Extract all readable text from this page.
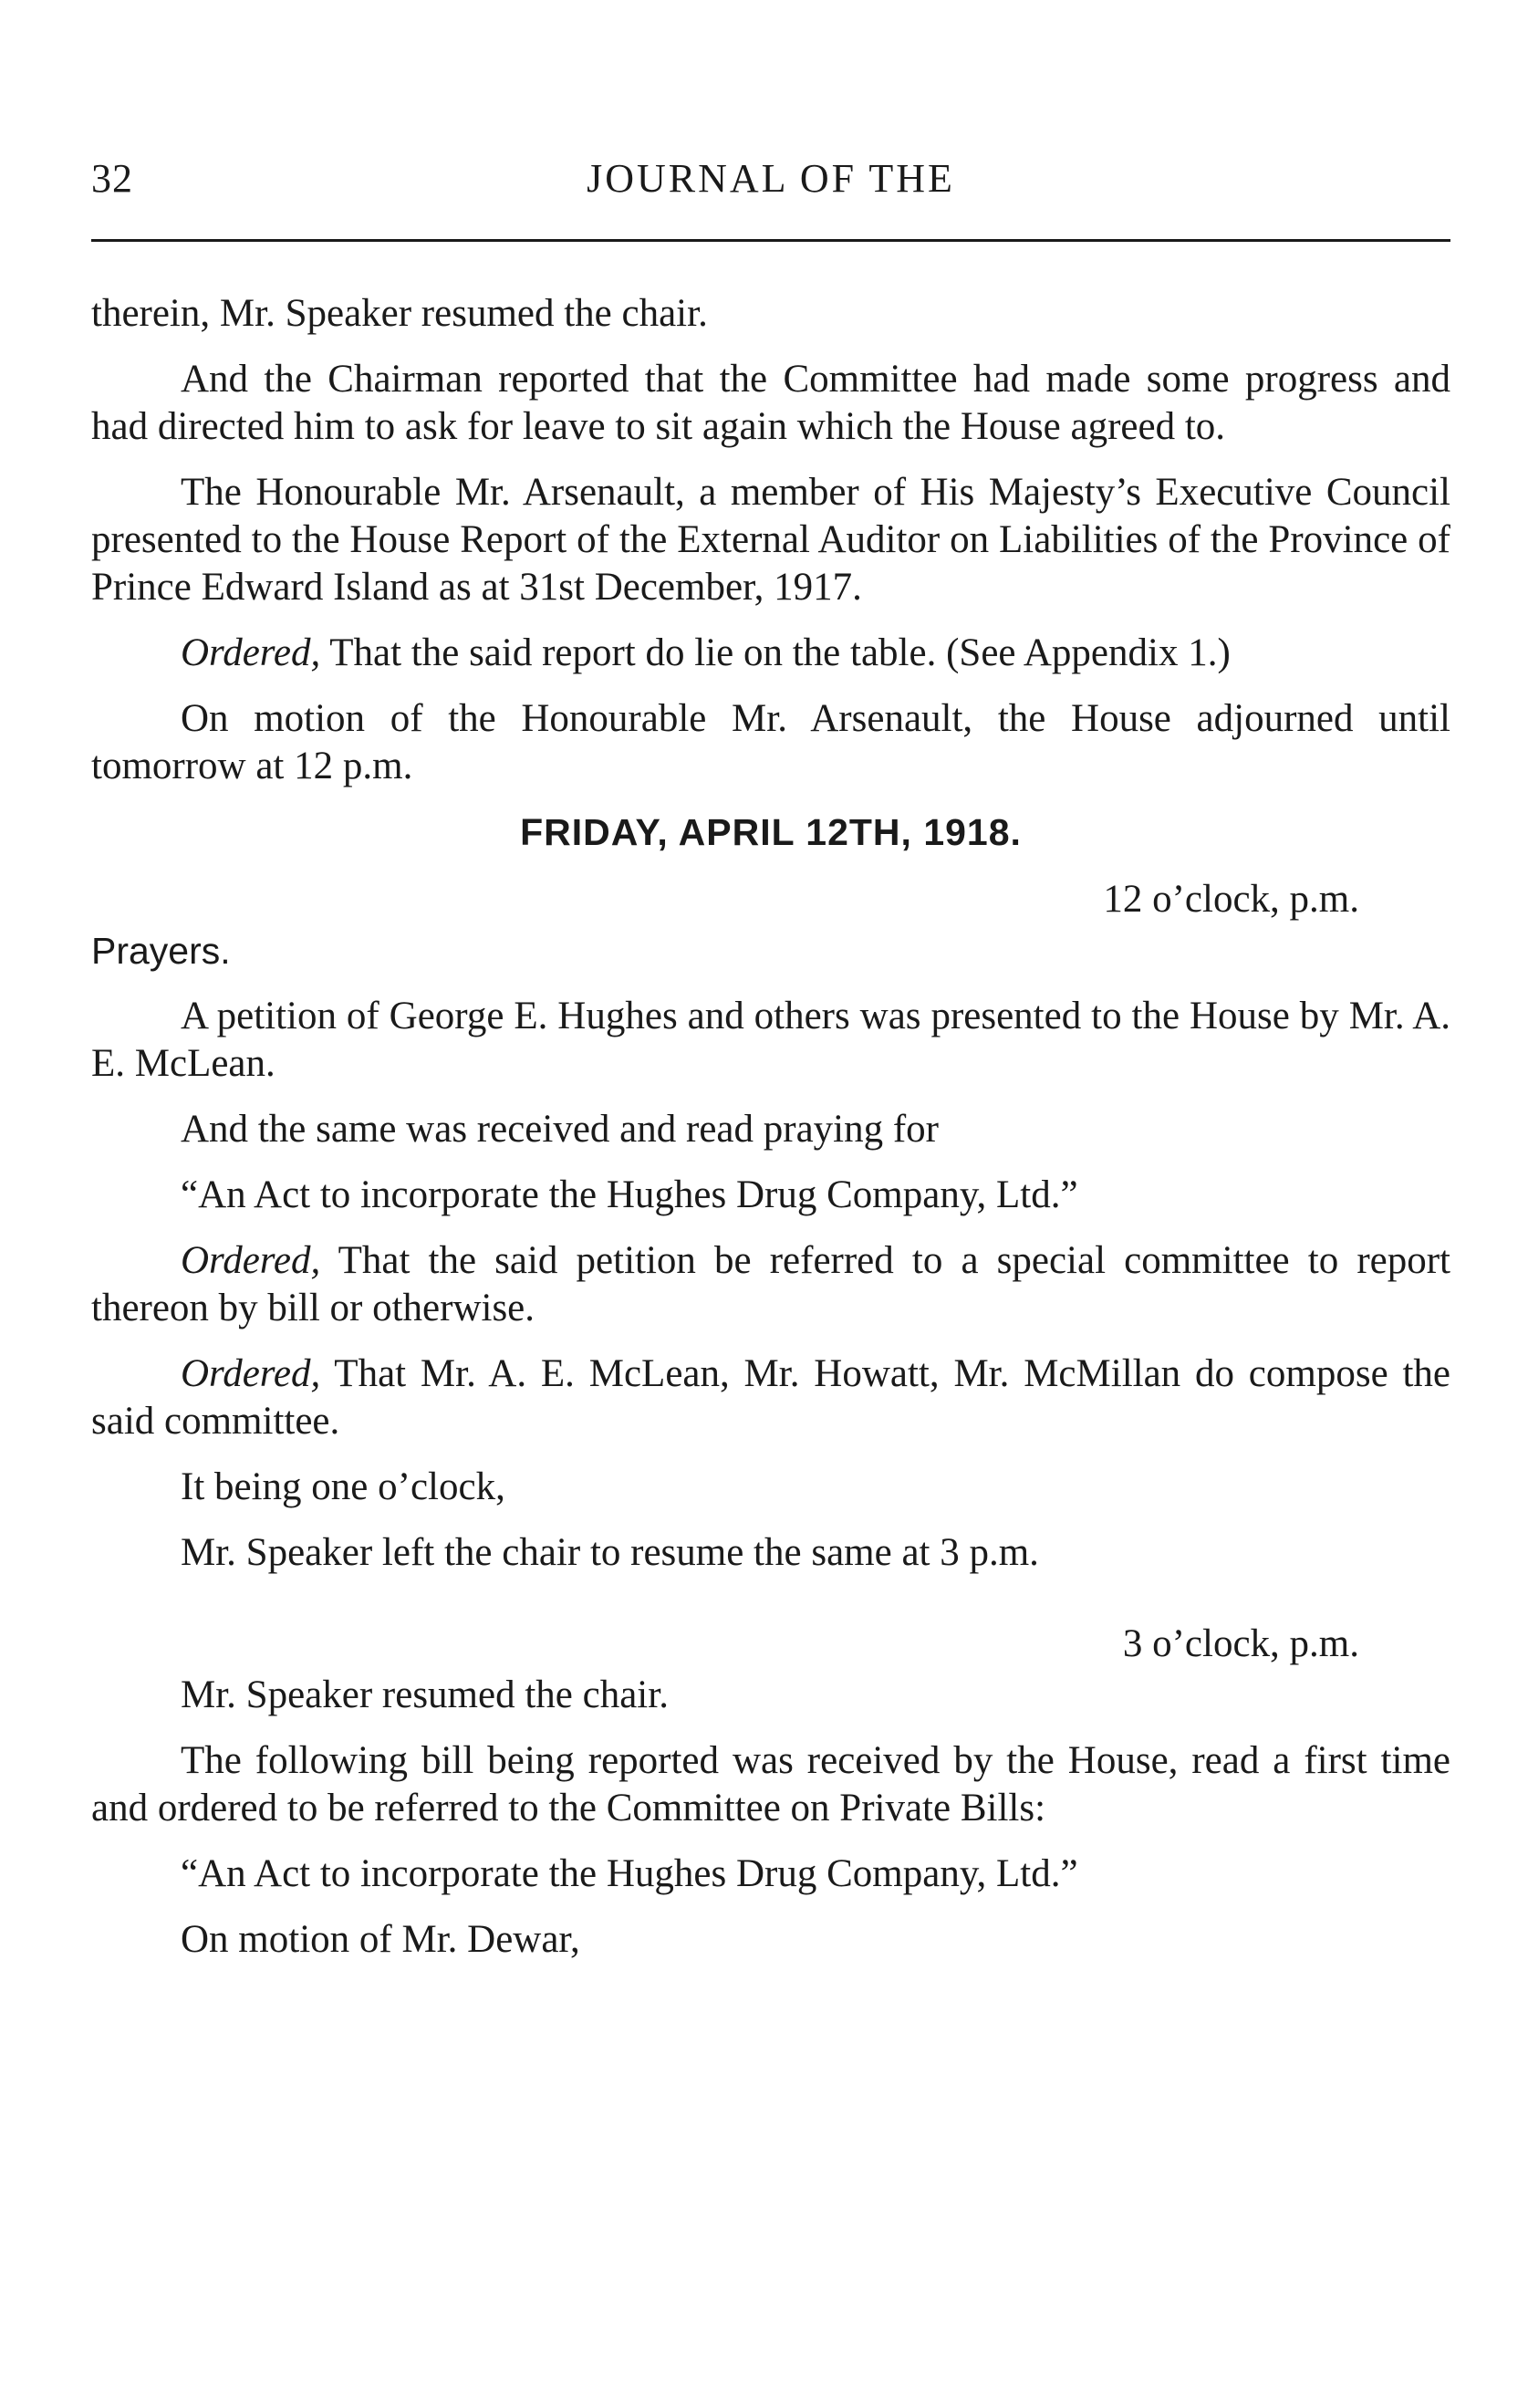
32	JOURNAL OF THE

therein, Mr. Speaker resumed the chair.

And the Chairman reported that the Committee had made some progress and had directed him to ask for leave to sit again which the House agreed to.

The Honourable Mr. Arsenault, a member of His Majesty’s Executive Council presented to the House Report of the External Auditor on Liabilities of the Province of Prince Edward Island as at 31st December, 1917.

Ordered, That the said report do lie on the table. (See Appendix 1.)

On motion of the Honourable Mr. Arsenault, the House adjourned until tomorrow at 12 p.m.

FRIDAY, APRIL 12TH, 1918.
12 o’clock, p.m.
Prayers.

A petition of George E. Hughes and others was presented to the House by Mr. A. E. McLean.

And the same was received and read praying for

“An Act to incorporate the Hughes Drug Company, Ltd.”

Ordered, That the said petition be referred to a special committee to report thereon by bill or otherwise.

Ordered, That Mr. A. E. McLean, Mr. Howatt, Mr. McMillan do compose the said committee.

It being one o’clock,

Mr. Speaker left the chair to resume the same at 3 p.m.

3 o’clock, p.m.

Mr. Speaker resumed the chair.

The following bill being reported was received by the House, read a first time and ordered to be referred to the Committee on Private Bills:

“An Act to incorporate the Hughes Drug Company, Ltd.”

On motion of Mr. Dewar,
